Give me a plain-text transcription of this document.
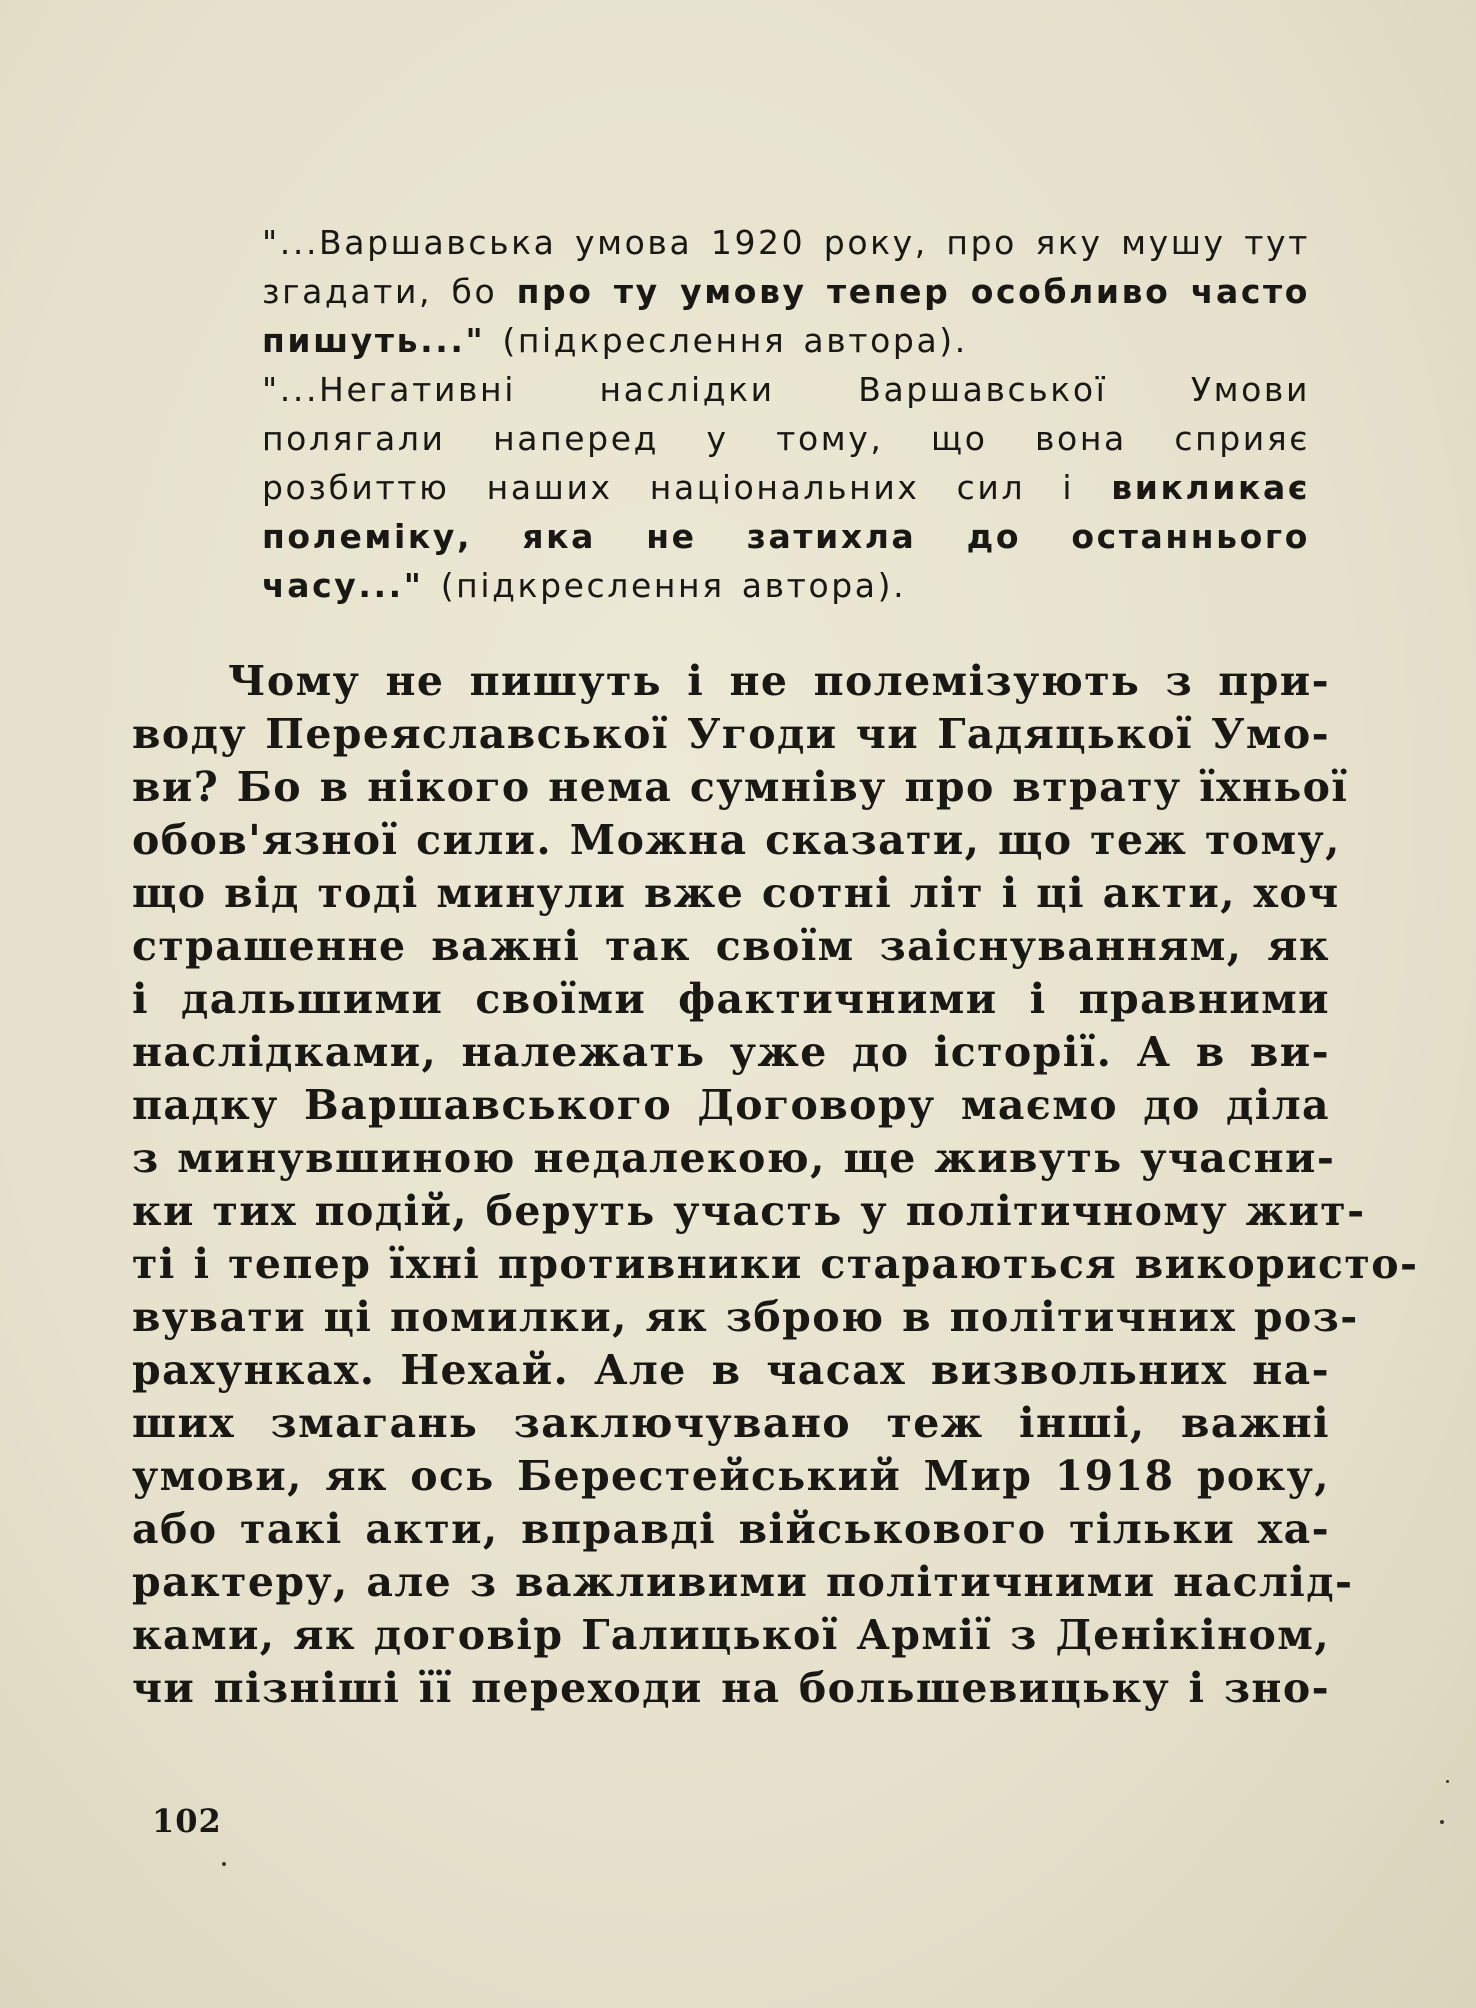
"...Варшавська умова 1920 року, про яку мушу тут згадати, бо про ту умову тепер особливо часто пишуть..." (підкреслення автора).

"...Негативні наслідки Варшавської Умови полягали наперед у тому, що вона сприяє розбиттю наших національних сил і викликає полеміку, яка не затихла до останнього часу..." (підкреслення автора).

Чому не пишуть і не полемізують з при-
воду Переяславської Угоди чи Гадяцької Умо-
ви? Бо в нікого нема сумніву про втрату їхньої
обов'язної сили. Можна сказати, що теж тому,
що від тоді минули вже сотні літ і ці акти, хоч
страшенне важні так своїм заіснуванням, як
і дальшими своїми фактичними і правними
наслідками, належать уже до історії. А в ви-
падку Варшавського Договору маємо до діла
з минувшиною недалекою, ще живуть учасни-
ки тих подій, беруть участь у політичному жит-
ті і тепер їхні противники стараються використо-
вувати ці помилки, як зброю в політичних роз-
рахунках. Нехай. Але в часах визвольних на-
ших змагань заключувано теж інші, важні
умови, як ось Берестейський Мир 1918 року,
або такі акти, вправді військового тільки ха-
рактеру, але з важливими політичними наслід-
ками, як договір Галицької Армії з Денікіном,
чи пізніші її переходи на большевицьку і зно-
102
